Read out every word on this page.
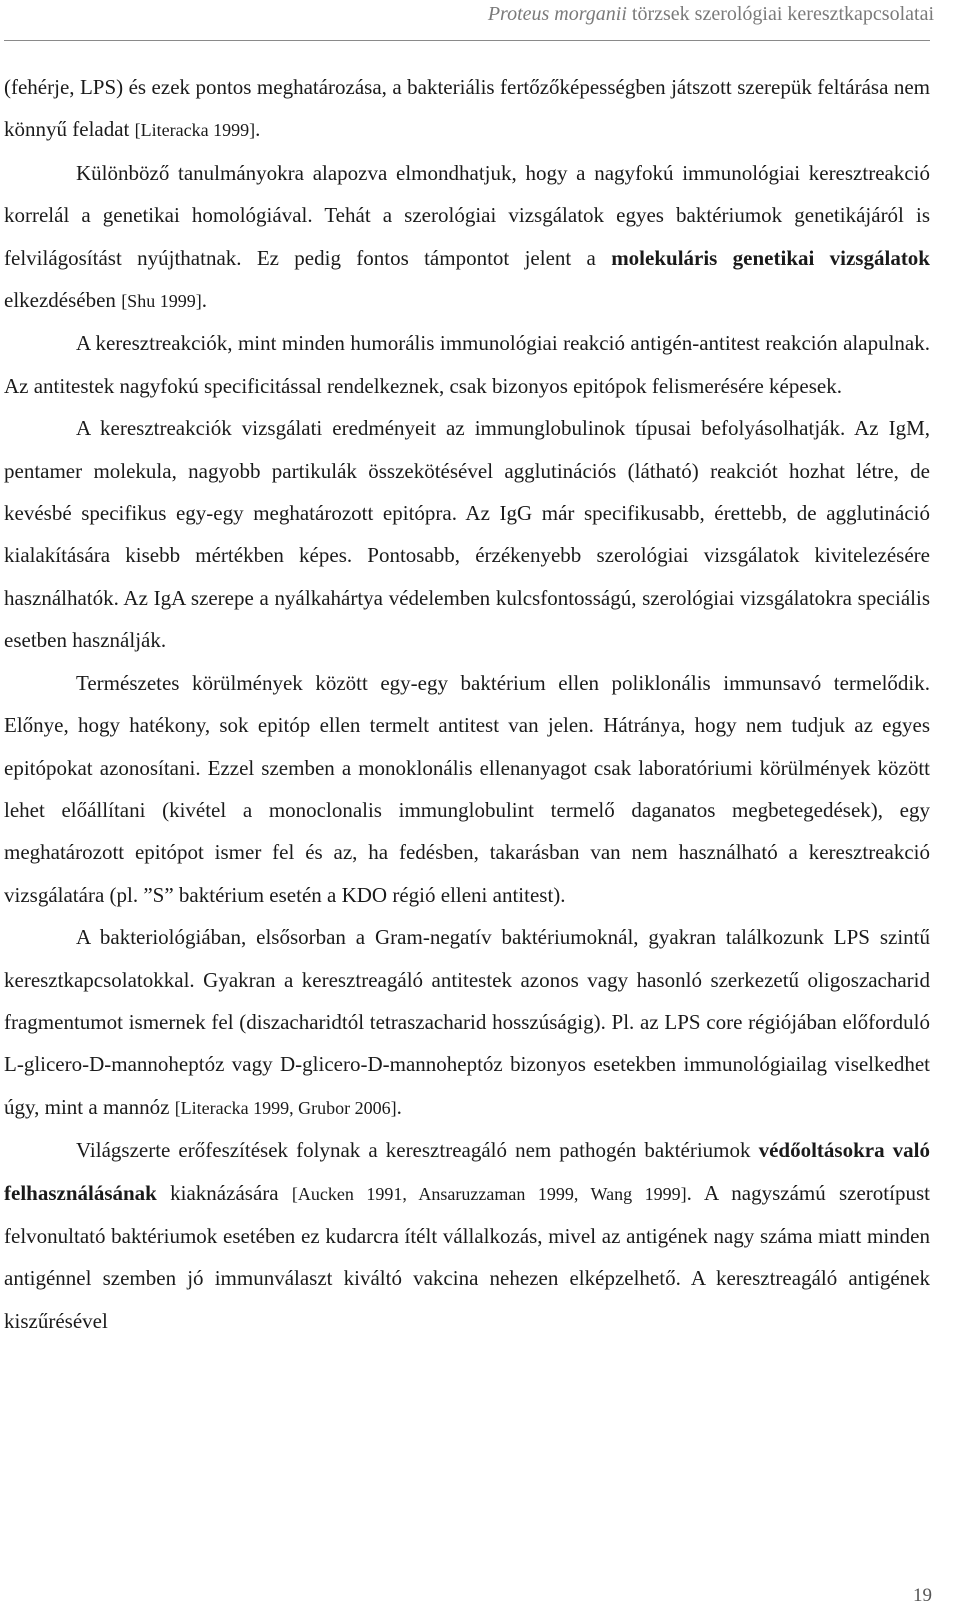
Proteus morganii törzsek szerológiai keresztkapcsolatai

(fehérje, LPS) és ezek pontos meghatározása, a bakteriális fertőzőképességben játszott szerepük feltárása nem könnyű feladat [Literacka 1999].

Különböző tanulmányokra alapozva elmondhatjuk, hogy a nagyfokú immunológiai keresztreakció korrelál a genetikai homológiával. Tehát a szerológiai vizsgálatok egyes baktériumok genetikájáról is felvilágosítást nyújthatnak. Ez pedig fontos támpontot jelent a molekuláris genetikai vizsgálatok elkezdésében [Shu 1999].

A keresztreakciók, mint minden humorális immunológiai reakció antigén-antitest reakción alapulnak. Az antitestek nagyfokú specificitással rendelkeznek, csak bizonyos epitópok felismerésére képesek.

A keresztreakciók vizsgálati eredményeit az immunglobulinok típusai befolyásolhatják. Az IgM, pentamer molekula, nagyobb partikulák összekötésével agglutinációs (látható) reakciót hozhat létre, de kevésbé specifikus egy-egy meghatározott epitópra. Az IgG már specifikusabb, érettebb, de agglutináció kialakítására kisebb mértékben képes. Pontosabb, érzékenyebb szerológiai vizsgálatok kivitelezésére használhatók. Az IgA szerepe a nyálkahártya védelemben kulcsfontosságú, szerológiai vizsgálatokra speciális esetben használják.

Természetes körülmények között egy-egy baktérium ellen poliklonális immunsavó termelődik. Előnye, hogy hatékony, sok epitóp ellen termelt antitest van jelen. Hátránya, hogy nem tudjuk az egyes epitópokat azonosítani. Ezzel szemben a monoklonális ellenanyagot csak laboratóriumi körülmények között lehet előállítani (kivétel a monoclonalis immunglobulint termelő daganatos megbetegedések), egy meghatározott epitópot ismer fel és az, ha fedésben, takarásban van nem használható a keresztreakció vizsgálatára (pl. ”S” baktérium esetén a KDO régió elleni antitest).

A bakteriológiában, elsősorban a Gram-negatív baktériumoknál, gyakran találkozunk LPS szintű keresztkapcsolatokkal. Gyakran a keresztreagáló antitestek azonos vagy hasonló szerkezetű oligoszacharid fragmentumot ismernek fel (diszacharidtól tetraszacharid hosszúságig). Pl. az LPS core régiójában előforduló L-glicero-D-mannoheptóz vagy D-glicero-D-mannoheptóz bizonyos esetekben immunológiailag viselkedhet úgy, mint a mannóz [Literacka 1999, Grubor 2006].

Világszerte erőfeszítések folynak a keresztreagáló nem pathogén baktériumok védőoltásokra való felhasználásának kiaknázására [Aucken 1991, Ansaruzzaman 1999, Wang 1999]. A nagyszámú szerotípust felvonultató baktériumok esetében ez kudarcra ítélt vállalkozás, mivel az antigének nagy száma miatt minden antigénnel szemben jó immunválaszt kiváltó vakcina nehezen elképzelhető. A keresztreagáló antigének kiszűrésével

19
